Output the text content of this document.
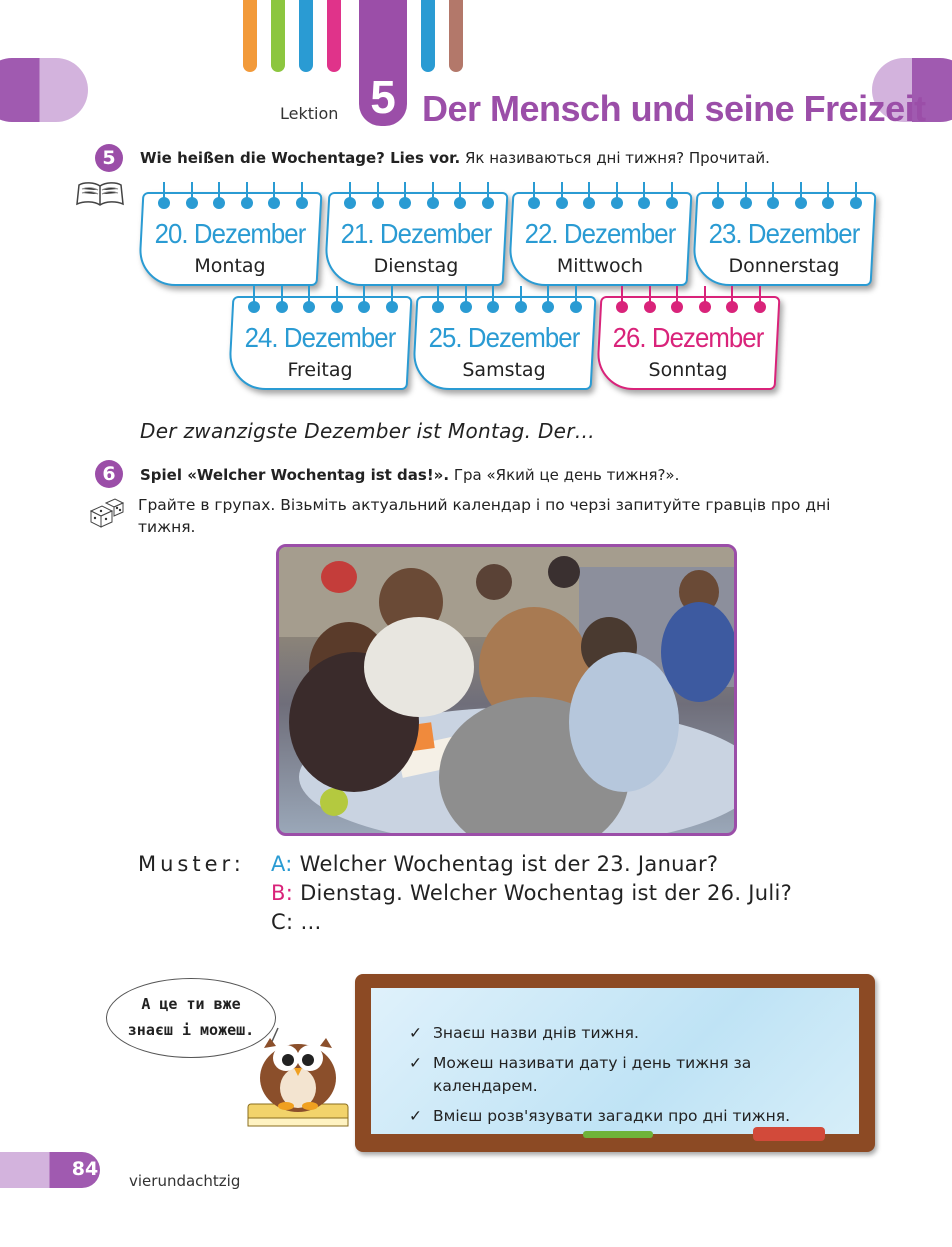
Lektion 5 Der Mensch und seine Freizeit
5	Wie heißen die Wochentage? Lies vor. Як називаються дні тижня? Прочитай.
20. Dezember
Montag
21. Dezember
Dienstag
22. Dezember
Mittwoch
23. Dezember
Donnerstag
24. Dezember
Freitag
25. Dezember
Samstag
26. Dezember
Sonntag
Der zwanzigste Dezember ist Montag. Der…
6	Spiel «Welcher Wochentag ist das!». Гра «Який це день тижня?».
Грайте в групах. Візьміть актуальний календар і по черзі запитуйте гравців про дні тижня.
Muster: A: Welcher Wochentag ist der 23. Januar?
B: Dienstag. Welcher Wochentag ist der 26. Juli?
C: …
А це ти вже
знаєш і можеш.
✓	Знаєш назви днів тижня.
✓ Можеш називати дату і день тижня за календарем.
✓ Вмієш розв'язувати загадки про дні тижня.
84
vierundachtzig
